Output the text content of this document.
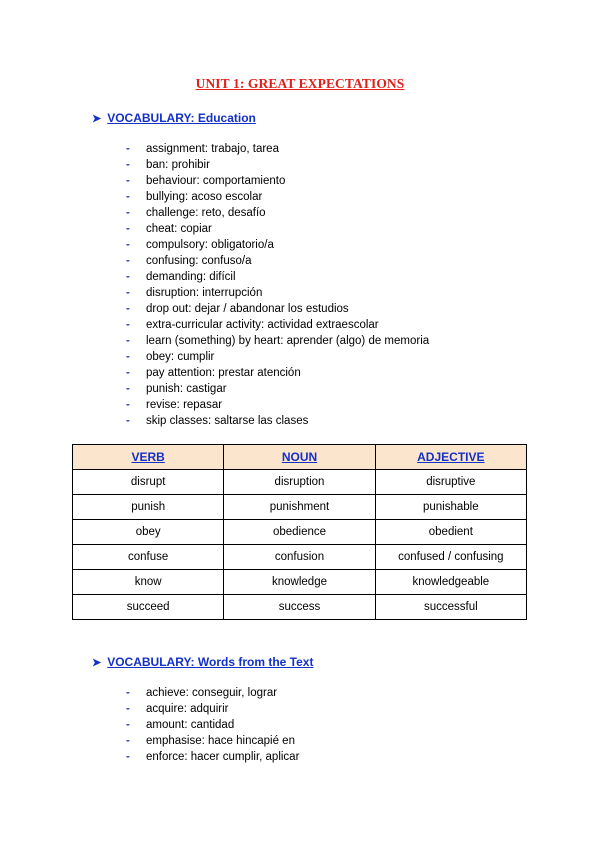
UNIT 1: GREAT EXPECTATIONS
➤ VOCABULARY: Education
- assignment: trabajo, tarea
- ban: prohibir
- behaviour: comportamiento
- bullying: acoso escolar
- challenge: reto, desafío
- cheat: copiar
- compulsory: obligatorio/a
- confusing: confuso/a
- demanding: difícil
- disruption: interrupción
- drop out: dejar / abandonar los estudios
- extra-curricular activity: actividad extraescolar
- learn (something) by heart: aprender (algo) de memoria
- obey: cumplir
- pay attention: prestar atención
- punish: castigar
- revise: repasar
- skip classes: saltarse las clases
VERB	NOUN	ADJECTIVE
disrupt	disruption	disruptive
punish	punishment	punishable
obey	obedience	obedient
confuse	confusion	confused / confusing
know	knowledge	knowledgeable
succeed	success	successful
➤ VOCABULARY: Words from the Text
- achieve: conseguir, lograr
- acquire: adquirir
- amount: cantidad
- emphasise: hace hincapié en
- enforce: hacer cumplir, aplicar
